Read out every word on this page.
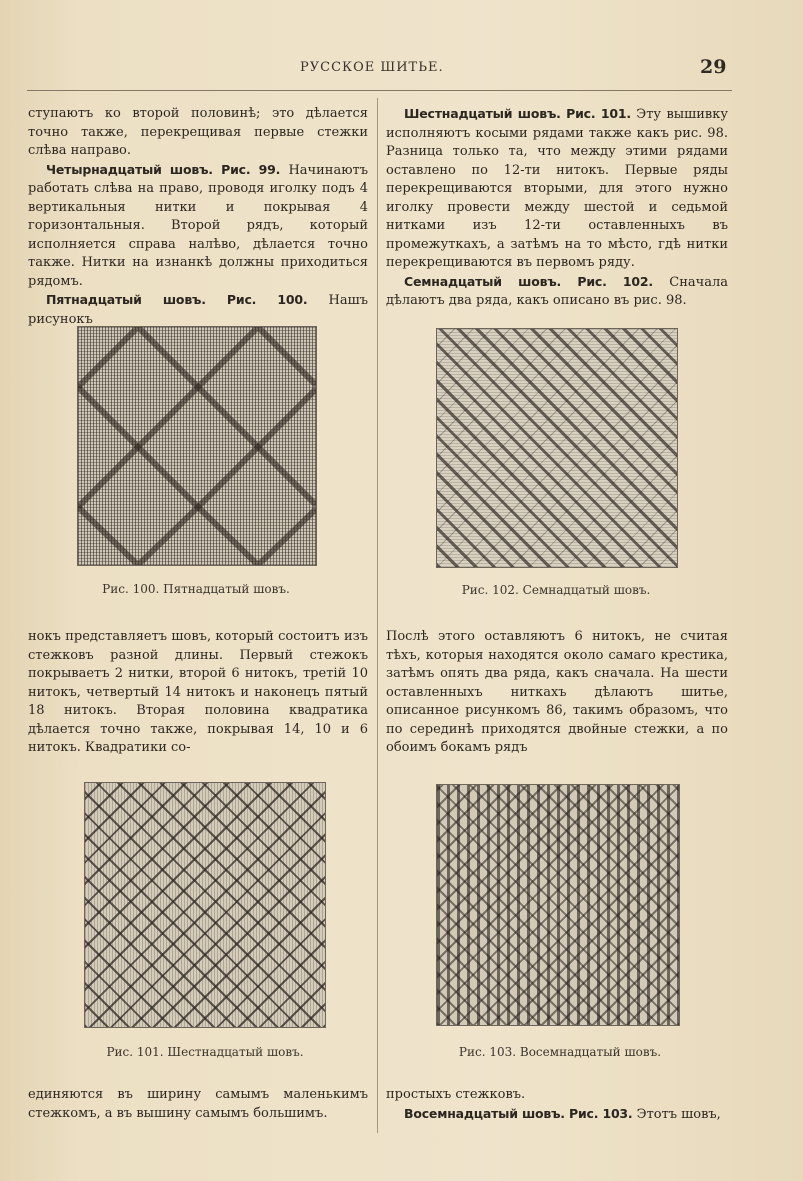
РУССКОЕ ШИТЬЕ.	29

ступаютъ ко второй половинѣ; это дѣлается точно также, перекрещивая первые стежки слѣва направо.

Четырнадцатый шовъ. Рис. 99. Начинаютъ работать слѣва на право, проводя иголку подъ 4 вертикальныя нитки и покрывая 4 горизонтальныя. Второй рядъ, который исполняется справа налѣво, дѣлается точно также. Нитки на изнанкѣ должны приходиться рядомъ.

Пятнадцатый шовъ. Рис. 100. Нашъ рисунокъ

Шестнадцатый шовъ. Рис. 101. Эту вышивку исполняютъ косыми рядами также какъ рис. 98. Разница только та, что между этими рядами оставлено по 12-ти нитокъ. Первые ряды перекрещиваются вторыми, для этого нужно иголку провести между шестой и седьмой нитками изъ 12-ти оставленныхъ въ промежуткахъ, а затѣмъ на то мѣсто, гдѣ нитки перекрещиваются въ первомъ ряду.

Семнадцатый шовъ. Рис. 102. Сначала дѣлаютъ два ряда, какъ описано въ рис. 98.

Рис. 100. Пятнадцатый шовъ.	Рис. 102. Семнадцатый шовъ.

нокъ представляетъ шовъ, который состоитъ изъ стежковъ разной длины. Первый стежокъ покрываетъ 2 нитки, второй 6 нитокъ, третій 10 нитокъ, четвертый 14 нитокъ и наконецъ пятый 18 нитокъ. Вторая половина квадратика дѣлается точно также, покрывая 14, 10 и 6 нитокъ. Квадратики со-

Послѣ этого оставляютъ 6 нитокъ, не считая тѣхъ, которыя находятся около самаго крестика, затѣмъ опять два ряда, какъ сначала. На шести оставленныхъ ниткахъ дѣлаютъ шитье, описанное рисункомъ 86, такимъ образомъ, что по серединѣ приходятся двойные стежки, а по обоимъ бокамъ рядъ

Рис. 101. Шестнадцатый шовъ.	Рис. 103. Восемнадцатый шовъ.

единяются въ ширину самымъ маленькимъ стежкомъ, а въ вышину самымъ большимъ.

простыхъ стежковъ.

Восемнадцатый шовъ. Рис. 103. Этотъ шовъ,
